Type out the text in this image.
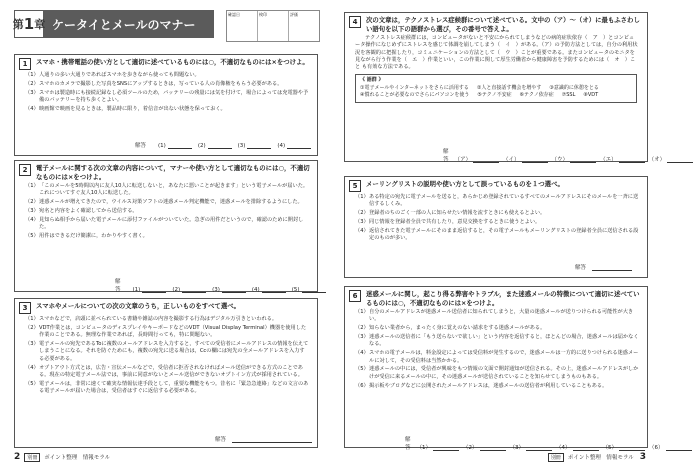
第 1 章 ケータイとメールのマナー
確認日	検印	評価
1	スマホ・携帯電話の使い方として適切に述べているものには○，不適切なものには×をつけよ。
（1） 人通りの多い大通りであればスマホを歩きながら使っても問題ない。
（2） スマホのカメラで撮影した写真をSNSにアップするときは，写っている人の肖像権をもらう必要がある。
（3） スマホは製造時にも接続記録なし必須ツールのため，バッテリーの残量には気を付けて，場合によっては充電器や予備のバッテリーを持ち歩くとよい。
（4） 映画館で映画を見るときは，製品時に限り，着信音が出ない状態を保っておく。
解答 (1)	(2)	(3)	(4)
2	電子メールに関する次の文章の内容について，マナーや使い方として適切なものには○，不適切なものには×をつけよ。
（1） 「このメールを5時間以内に友人10人に転送しないと，あなたに悪いことが起きます」という電子メールが届いた。これについてすぐ友人10人に転送した。
（2） 迷惑メールが増えてきたので，ウイルス対策ソフトの迷惑メール判定機能で，迷惑メールを排除するようにした。
（3） 宛名と内容をよく確認してから送信する。
（4） 見知らぬ相手から届いた電子メールに添付ファイルがついていた。急ぎの用件だというので，確認のために開封した。
（5） 用件はできるだけ簡潔に，わかりやすく書く。
解答 (1)	(2)	(3)	(4)	(5)
3	スマホやメールについての次の文章のうち，正しいものをすべて選べ。
（1） スマホなどで，店頭に並べられている書籍や雑誌の内容を撮影する行為はデジタル万引きといわれる。
（2） VDT作業とは，コンピュータのディスプレイやキーボードなどのVDT（Visual Display Terminal）機器を使用した作業のことである。無理な作業であれば，長時間行っても，特に問題ない。
（3） 電子メールの宛先であるToに複数のメールアドレスを入力すると，すべての受信者にメールアドレスの情報を伝えてしまうことになる。それを防ぐためにも，複数の宛先に送る場合は，Ccの欄には宛先の全メールアドレスを入力する必要がある。
（4） オプトアウト方式とは，広告・宣伝メールなどで，受信者に拒否されなければメール送信ができる方式のことである。現在の特定電子メール法では，事前に同意がないとメール送信ができないオプトイン方式が採用されている。
（5） 電子メールは，非常に速くて確実な情報伝達手段として，重要な機能をもつ。昔名に「緊急急連絡」などの文言のある電子メールが届いた場合は，受信者はすぐに返信する必要がある。
解答
2	別冊	ポイント整理　情報モラル
4	次の文章は，テクノストレス症候群について述べている。文中の（ア）～（オ）に最もふさわしい語句を以下の語群から選び，その番号で答えよ。
テクノストレス症候群には，コンピュータがないと不安にかられてしまうなどの病的症状依存（　ア　）とコンピュータ操作になじめずにストレスを感じて体調を崩してしまう（　イ　）がある。（ア）の予防方法としては，自分の利用状況を客観的に把握したり，コミュニケーションの方法として（　ウ　）ことが重要である。またコンピュータのモニタを見ながら行う作業を（　エ　）作業といい，この作業に関して厚生労働省から健康障害を予防するためには（　オ　）こと も有効な方法である。
《 語群 》
①電子メールやインターネットをさらに活用する ②人と直接話す機会を増やす ③意識的に休憩をとる
④慣れることが必要なのでさらにパソコンを使う ⑤テクノ不安症 ⑥テクノ依存症 ⑦SSL ⑧VDT
解答 （ア）	（イ）	（ウ）	（エ）	（オ）
5	メーリングリストの説明や使い方として誤っているものを１つ選べ。
（1） ある特定の宛先に電子メールを送ると，あらかじめ登録されているすべてのメールアドレスにそのメールを一斉に送信するしくみ。
（2） 登録者のちのごく一部の人に知らせたい情報を流すときにも使えるとよい。
（3） 同じ情報を登録者全員で共有したり，意見交換をするときに使うとよい。
（4） 返信されてきた電子メールにそのまま返信すると，その電子メールもメーリングリストの登録者全員に送信される設定のものが多い。
解答
6	迷惑メールに関し，起こり得る弊害やトラブル，また迷惑メールの特徴について適切に述べているものには○，不適切なものには×をつけよ。
（1） 自分のメールアドレスが迷惑メール送信者に知られてしまうと，大量の迷惑メールが送りつけられる可能性が大きい。
（2） 知らない業者から，まったく身に覚えのない請求をする迷惑メールがある。
（3） 迷惑メールの送信者に「もう送らないで欲しい」という内容を返信すると，ほとんどの場合，迷惑メールは届かなくなる。
（4） スマホの電子メールは，料金設定によっては受信料が発生するので，迷惑メールは一方的に送りつけられる迷惑メールに対して，その受信料は当然かかる。
（5） 迷惑メールの中には，受信者が興味をもつ情報の文面で開封通知が送信される。その上，迷惑メールアドレスがしかけが受信に来るメールの中に，その迷惑メールが送信されていることを知らせてしまうものもある。
（6） 掲示板やブログなどに公開されたメールアドレスは，迷惑メールの送信者が利用していることもある。
解答 （1）	（2）	（3）	（4）	（5）	（6）
別冊	ポイント整理　情報モラル 3
